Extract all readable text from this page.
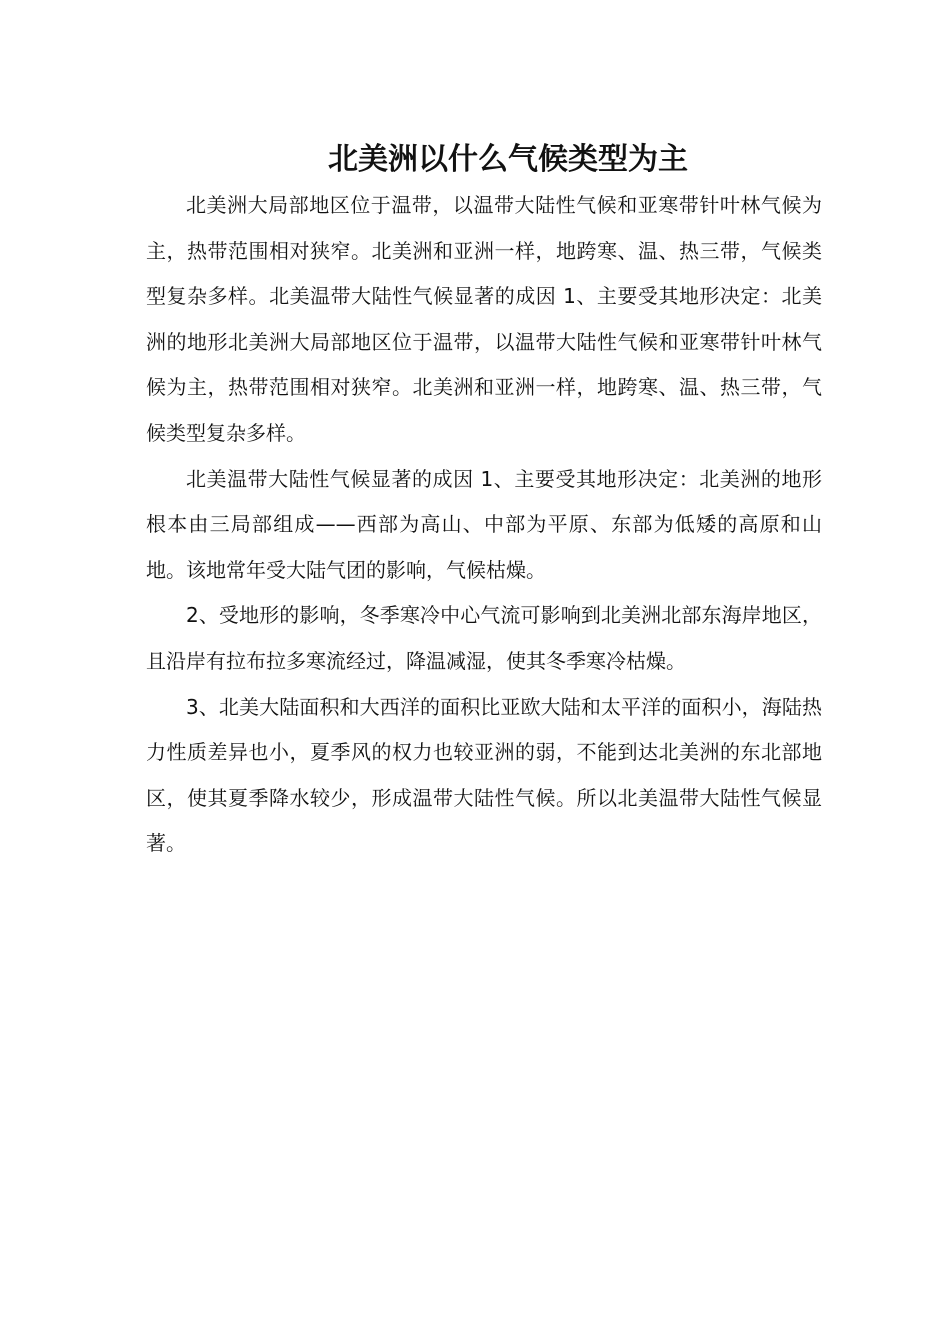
北美洲以什么气候类型为主

北美洲大局部地区位于温带，以温带大陆性气候和亚寒带针叶林气候为主，热带范围相对狭窄。北美洲和亚洲一样，地跨寒、温、热三带，气候类型复杂多样。北美温带大陆性气候显著的成因 1、主要受其地形决定：北美洲的地形北美洲大局部地区位于温带，以温带大陆性气候和亚寒带针叶林气候为主，热带范围相对狭窄。北美洲和亚洲一样，地跨寒、温、热三带，气候类型复杂多样。

北美温带大陆性气候显著的成因 1、主要受其地形决定：北美洲的地形根本由三局部组成——西部为高山、中部为平原、东部为低矮的高原和山地。该地常年受大陆气团的影响，气候枯燥。

2、受地形的影响，冬季寒冷中心气流可影响到北美洲北部东海岸地区，且沿岸有拉布拉多寒流经过，降温减湿，使其冬季寒冷枯燥。

3、北美大陆面积和大西洋的面积比亚欧大陆和太平洋的面积小，海陆热力性质差异也小，夏季风的权力也较亚洲的弱，不能到达北美洲的东北部地区，使其夏季降水较少，形成温带大陆性气候。所以北美温带大陆性气候显著。
